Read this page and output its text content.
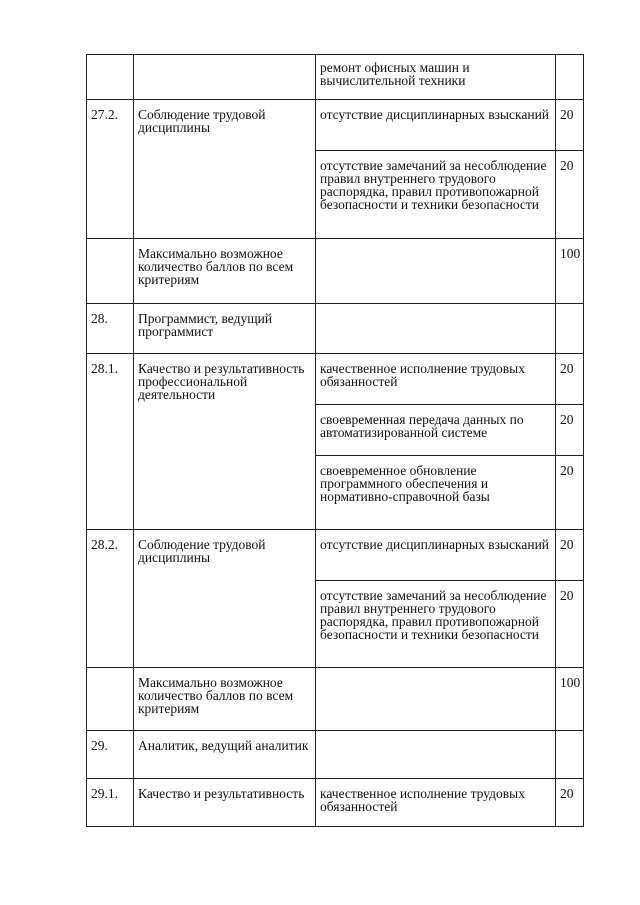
		ремонт офисных машин и вычислительной техники	
27.2.	Соблюдение трудовой дисциплины	отсутствие дисциплинарных взысканий	20
		отсутствие замечаний за несоблюдение правил внутреннего трудового распорядка, правил противопожарной безопасности и техники безопасности	20
	Максимально возможное количество баллов по всем критериям		100
28.	Программист, ведущий программист		
28.1.	Качество и результативность профессиональной деятельности	качественное исполнение трудовых обязанностей	20
		своевременная передача данных по автоматизированной системе	20
		своевременное обновление программного обеспечения и нормативно-справочной базы	20
28.2.	Соблюдение трудовой дисциплины	отсутствие дисциплинарных взысканий	20
		отсутствие замечаний за несоблюдение правил внутреннего трудового распорядка, правил противопожарной безопасности и техники безопасности	20
	Максимально возможное количество баллов по всем критериям		100
29.	Аналитик, ведущий аналитик		
29.1.	Качество и результативность	качественное исполнение трудовых обязанностей	20
